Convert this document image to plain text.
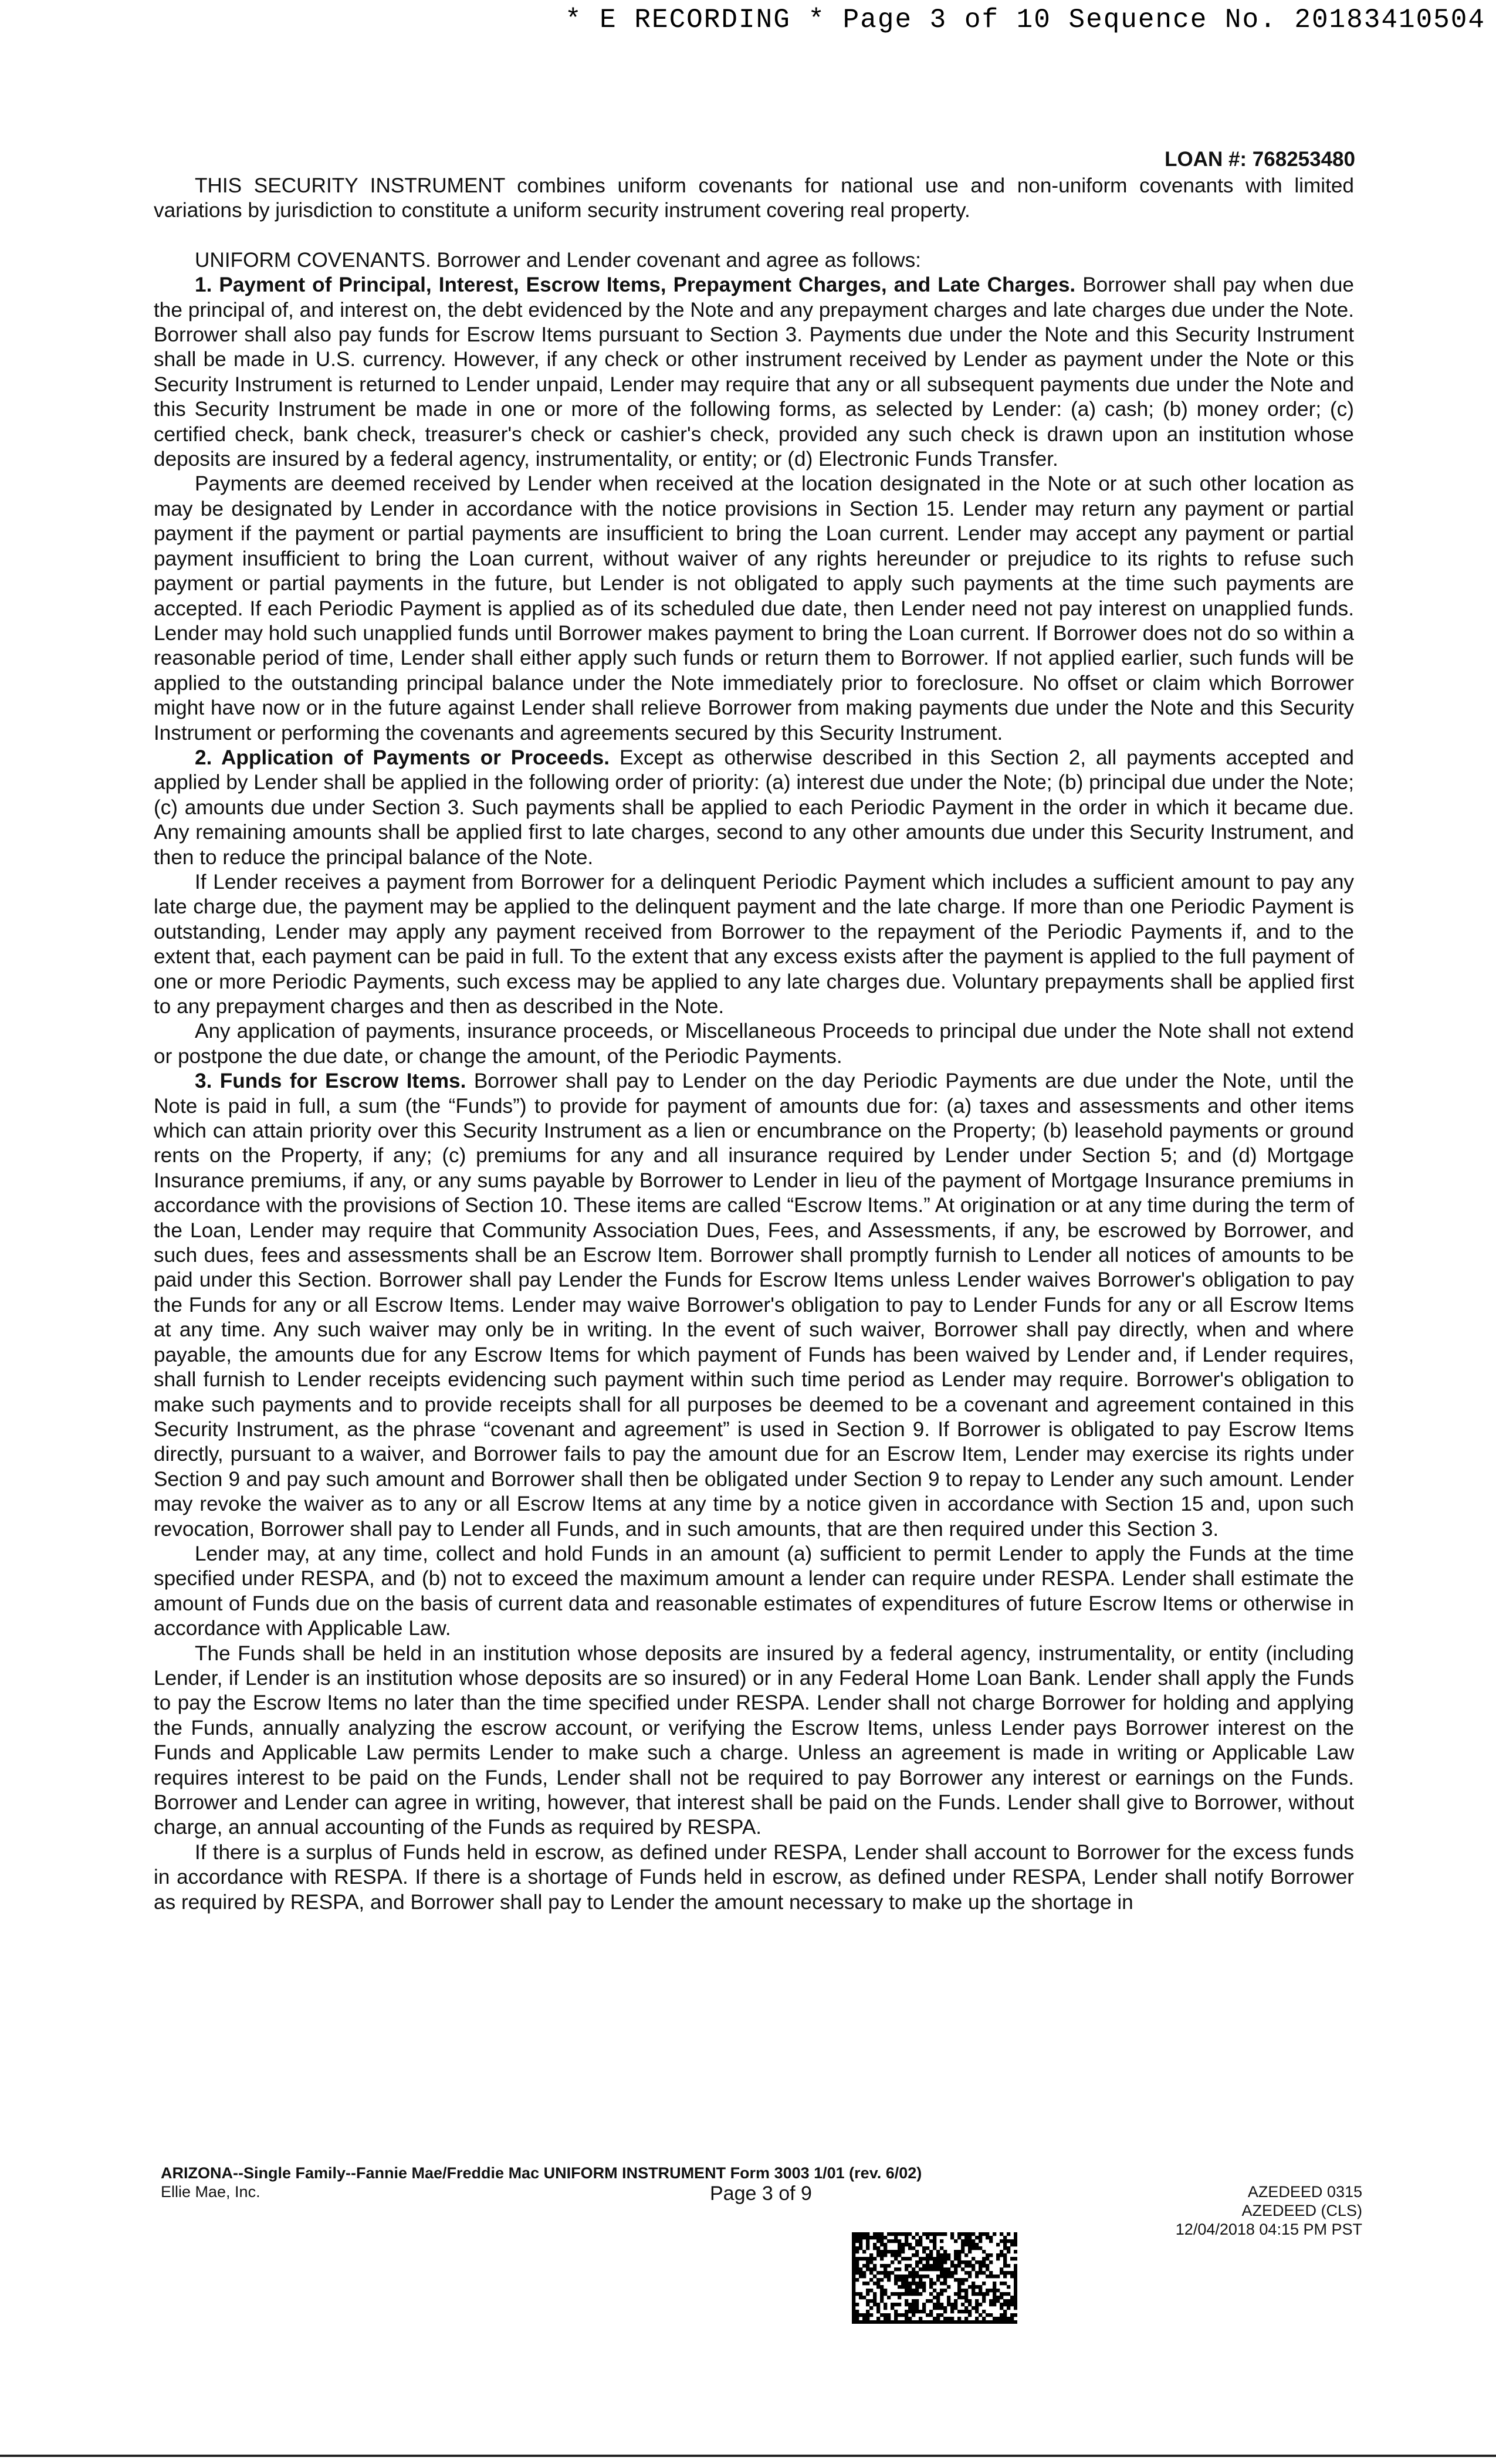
* E RECORDING * Page 3 of 10 Sequence No. 20183410504
LOAN #: 768253480

THIS SECURITY INSTRUMENT combines uniform covenants for national use and non-uniform covenants with limited variations by jurisdiction to constitute a uniform security instrument covering real property.

UNIFORM COVENANTS. Borrower and Lender covenant and agree as follows:

1. Payment of Principal, Interest, Escrow Items, Prepayment Charges, and Late Charges. Borrower shall pay when due the principal of, and interest on, the debt evidenced by the Note and any prepayment charges and late charges due under the Note. Borrower shall also pay funds for Escrow Items pursuant to Section 3. Payments due under the Note and this Security Instrument shall be made in U.S. currency. However, if any check or other instrument received by Lender as payment under the Note or this Security Instrument is returned to Lender unpaid, Lender may require that any or all subsequent payments due under the Note and this Security Instrument be made in one or more of the following forms, as selected by Lender: (a) cash; (b) money order; (c) certified check, bank check, treasurer's check or cashier's check, provided any such check is drawn upon an institution whose deposits are insured by a federal agency, instrumentality, or entity; or (d) Electronic Funds Transfer.

Payments are deemed received by Lender when received at the location designated in the Note or at such other location as may be designated by Lender in accordance with the notice provisions in Section 15. Lender may return any payment or partial payment if the payment or partial payments are insufficient to bring the Loan current. Lender may accept any payment or partial payment insufficient to bring the Loan current, without waiver of any rights hereunder or prejudice to its rights to refuse such payment or partial payments in the future, but Lender is not obligated to apply such payments at the time such payments are accepted. If each Periodic Payment is applied as of its scheduled due date, then Lender need not pay interest on unapplied funds. Lender may hold such unapplied funds until Borrower makes payment to bring the Loan current. If Borrower does not do so within a reasonable period of time, Lender shall either apply such funds or return them to Borrower. If not applied earlier, such funds will be applied to the outstanding principal balance under the Note immediately prior to foreclosure. No offset or claim which Borrower might have now or in the future against Lender shall relieve Borrower from making payments due under the Note and this Security Instrument or performing the covenants and agreements secured by this Security Instrument.

2. Application of Payments or Proceeds. Except as otherwise described in this Section 2, all payments accepted and applied by Lender shall be applied in the following order of priority: (a) interest due under the Note; (b) principal due under the Note; (c) amounts due under Section 3. Such payments shall be applied to each Periodic Payment in the order in which it became due. Any remaining amounts shall be applied first to late charges, second to any other amounts due under this Security Instrument, and then to reduce the principal balance of the Note.

If Lender receives a payment from Borrower for a delinquent Periodic Payment which includes a sufficient amount to pay any late charge due, the payment may be applied to the delinquent payment and the late charge. If more than one Periodic Payment is outstanding, Lender may apply any payment received from Borrower to the repayment of the Periodic Payments if, and to the extent that, each payment can be paid in full. To the extent that any excess exists after the payment is applied to the full payment of one or more Periodic Payments, such excess may be applied to any late charges due. Voluntary prepayments shall be applied first to any prepayment charges and then as described in the Note.

Any application of payments, insurance proceeds, or Miscellaneous Proceeds to principal due under the Note shall not extend or postpone the due date, or change the amount, of the Periodic Payments.

3. Funds for Escrow Items. Borrower shall pay to Lender on the day Periodic Payments are due under the Note, until the Note is paid in full, a sum (the “Funds”) to provide for payment of amounts due for: (a) taxes and assessments and other items which can attain priority over this Security Instrument as a lien or encumbrance on the Property; (b) leasehold payments or ground rents on the Property, if any; (c) premiums for any and all insurance required by Lender under Section 5; and (d) Mortgage Insurance premiums, if any, or any sums payable by Borrower to Lender in lieu of the payment of Mortgage Insurance premiums in accordance with the provisions of Section 10. These items are called “Escrow Items.” At origination or at any time during the term of the Loan, Lender may require that Community Association Dues, Fees, and Assessments, if any, be escrowed by Borrower, and such dues, fees and assessments shall be an Escrow Item. Borrower shall promptly furnish to Lender all notices of amounts to be paid under this Section. Borrower shall pay Lender the Funds for Escrow Items unless Lender waives Borrower's obligation to pay the Funds for any or all Escrow Items. Lender may waive Borrower's obligation to pay to Lender Funds for any or all Escrow Items at any time. Any such waiver may only be in writing. In the event of such waiver, Borrower shall pay directly, when and where payable, the amounts due for any Escrow Items for which payment of Funds has been waived by Lender and, if Lender requires, shall furnish to Lender receipts evidencing such payment within such time period as Lender may require. Borrower's obligation to make such payments and to provide receipts shall for all purposes be deemed to be a covenant and agreement contained in this Security Instrument, as the phrase “covenant and agreement” is used in Section 9. If Borrower is obligated to pay Escrow Items directly, pursuant to a waiver, and Borrower fails to pay the amount due for an Escrow Item, Lender may exercise its rights under Section 9 and pay such amount and Borrower shall then be obligated under Section 9 to repay to Lender any such amount. Lender may revoke the waiver as to any or all Escrow Items at any time by a notice given in accordance with Section 15 and, upon such revocation, Borrower shall pay to Lender all Funds, and in such amounts, that are then required under this Section 3.

Lender may, at any time, collect and hold Funds in an amount (a) sufficient to permit Lender to apply the Funds at the time specified under RESPA, and (b) not to exceed the maximum amount a lender can require under RESPA. Lender shall estimate the amount of Funds due on the basis of current data and reasonable estimates of expenditures of future Escrow Items or otherwise in accordance with Applicable Law.

The Funds shall be held in an institution whose deposits are insured by a federal agency, instrumentality, or entity (including Lender, if Lender is an institution whose deposits are so insured) or in any Federal Home Loan Bank. Lender shall apply the Funds to pay the Escrow Items no later than the time specified under RESPA. Lender shall not charge Borrower for holding and applying the Funds, annually analyzing the escrow account, or verifying the Escrow Items, unless Lender pays Borrower interest on the Funds and Applicable Law permits Lender to make such a charge. Unless an agreement is made in writing or Applicable Law requires interest to be paid on the Funds, Lender shall not be required to pay Borrower any interest or earnings on the Funds. Borrower and Lender can agree in writing, however, that interest shall be paid on the Funds. Lender shall give to Borrower, without charge, an annual accounting of the Funds as required by RESPA.

If there is a surplus of Funds held in escrow, as defined under RESPA, Lender shall account to Borrower for the excess funds in accordance with RESPA. If there is a shortage of Funds held in escrow, as defined under RESPA, Lender shall notify Borrower as required by RESPA, and Borrower shall pay to Lender the amount necessary to make up the shortage in

ARIZONA--Single Family--Fannie Mae/Freddie Mac UNIFORM INSTRUMENT Form 3003 1/01 (rev. 6/02)
Ellie Mae, Inc.	Page 3 of 9	AZEDEED 0315
AZEDEED (CLS)
12/04/2018 04:15 PM PST
